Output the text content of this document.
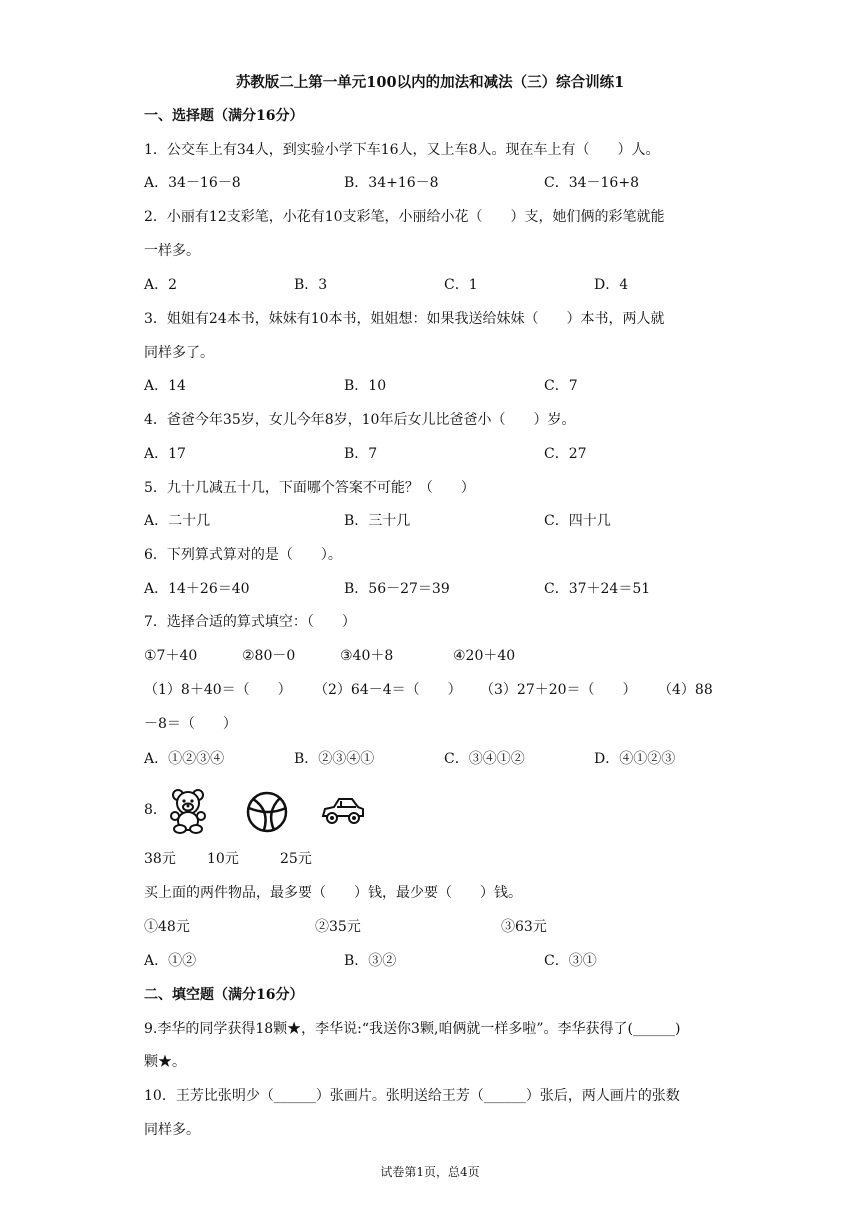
苏教版二上第一单元100以内的加法和减法（三）综合训练1
一、选择题（满分16分）
1．公交车上有34人，到实验小学下车16人，又上车8人。现在车上有（　　）人。
A．34－16－8	B．34+16－8	C．34－16+8
2．小丽有12支彩笔，小花有10支彩笔，小丽给小花（　　）支，她们俩的彩笔就能
一样多。
A．2	B．3	C．1	D．4
3．姐姐有24本书，妹妹有10本书，姐姐想：如果我送给妹妹（　　）本书，两人就
同样多了。
A．14	B．10	C．7
4．爸爸今年35岁，女儿今年8岁，10年后女儿比爸爸小（　　）岁。
A．17	B．7	C．27
5．九十几减五十几，下面哪个答案不可能？（　　）
A．二十几	B．三十几	C．四十几
6．下列算式算对的是（　　）。
A．14＋26＝40	B．56－27＝39	C．37＋24＝51
7．选择合适的算式填空：（　　）
①7＋40	②80－0	③40＋8	④20＋40
（1）8＋40＝（　　） （2）64－4＝（　　） （3）27＋20＝（　　） （4）88
－8＝（　　）
A．①②③④	B．②③④①	C．③④①②	D．④①②③
8．
38元 10元	25元
买上面的两件物品，最多要（　　）钱，最少要（　　）钱。
①48元	②35元	③63元
A．①②	B．③②	C．③①
二、填空题（满分16分）
9.李华的同学获得18颗★，李华说:“我送你3颗,咱俩就一样多啦”。李华获得了(______)
颗★。
10．王芳比张明少（______）张画片。张明送给王芳（______）张后，两人画片的张数
同样多。
试卷第1页，总4页
